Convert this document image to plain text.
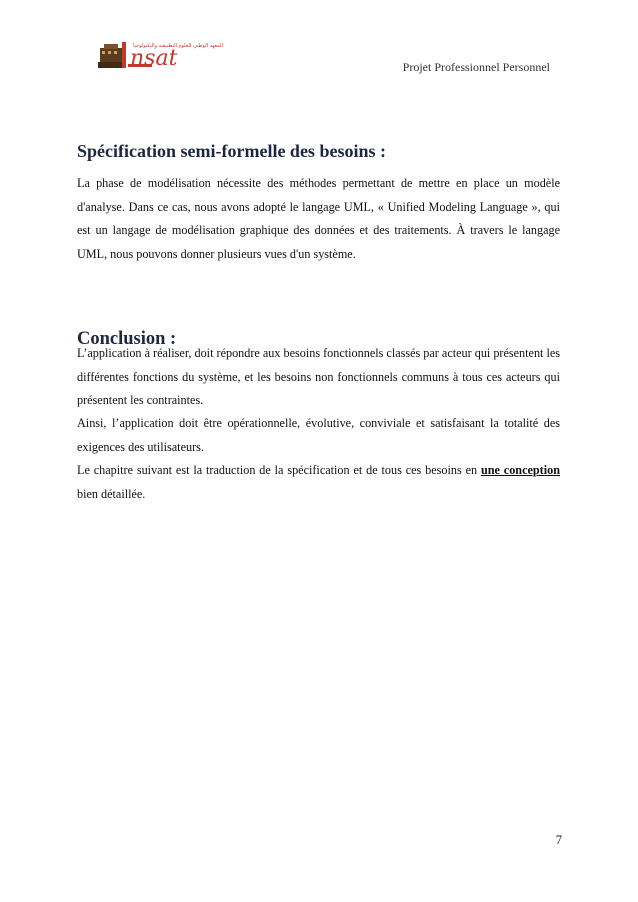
المعهد الوطني للعلوم التطبيقية والتكنولوجيا
nsat	Projet Professionnel Personnel
Spécification semi-formelle des besoins :

La phase de modélisation nécessite des méthodes permettant de mettre en place un modèle d'analyse. Dans ce cas, nous avons adopté le langage UML, « Unified Modeling Language », qui est un langage de modélisation graphique des données et des traitements. À travers le langage UML, nous pouvons donner plusieurs vues d'un système.

Conclusion :

L’application à réaliser, doit répondre aux besoins fonctionnels classés par acteur qui présentent les différentes fonctions du système, et les besoins non fonctionnels communs à tous ces acteurs qui présentent les contraintes.

Ainsi, l’application doit être opérationnelle, évolutive, conviviale et satisfaisant la totalité des exigences des utilisateurs.

Le chapitre suivant est la traduction de la spécification et de tous ces besoins en une conception bien détaillée.

7
